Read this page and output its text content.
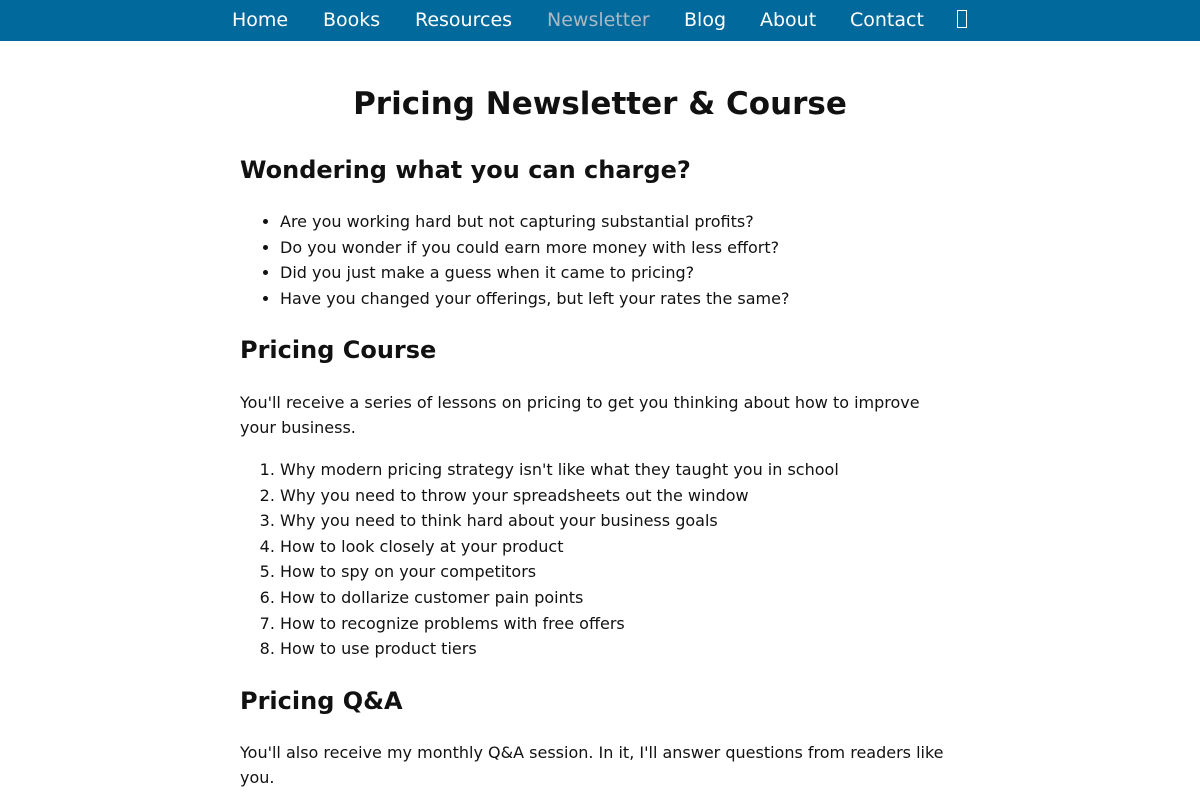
Home Books Resources Newsletter Blog About Contact
Pricing Newsletter & Course
Wondering what you can charge?
• Are you working hard but not capturing substantial profits?
• Do you wonder if you could earn more money with less effort?
• Did you just make a guess when it came to pricing?
• Have you changed your offerings, but left your rates the same?
Pricing Course

You'll receive a series of lessons on pricing to get you thinking about how to improve your business.

1. Why modern pricing strategy isn't like what they taught you in school
2. Why you need to throw your spreadsheets out the window
3. Why you need to think hard about your business goals
4. How to look closely at your product
5. How to spy on your competitors
6. How to dollarize customer pain points
7. How to recognize problems with free offers
8. How to use product tiers
Pricing Q&A

You'll also receive my monthly Q&A session. In it, I'll answer questions from readers like you.
